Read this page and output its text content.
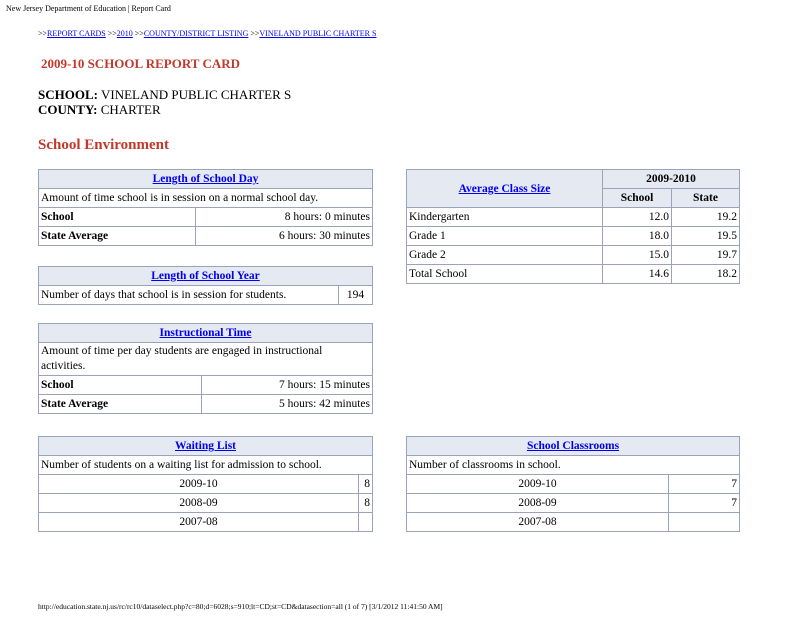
New Jersey Department of Education | Report Card
>>REPORT CARDS >>2010 >>COUNTY/DISTRICT LISTING >>VINELAND PUBLIC CHARTER S
2009-10 SCHOOL REPORT CARD
SCHOOL: VINELAND PUBLIC CHARTER S
COUNTY: CHARTER
School Environment
Length of School Day	
Amount of time school is in session on a normal school day.	
School	8 hours: 0 minutes
State Average	6 hours: 30 minutes
Length of School Year
Number of days that school is in session for students.	194
Instructional Time	
Amount of time per day students are engaged in instructional activities.	
School	7 hours: 15 minutes
State Average	5 hours: 42 minutes
Waiting List	
Number of students on a waiting list for admission to school.	
2009-10	8
2008-09	8
2007-08	
Average Class Size	2009-2010	
	School	State
Kindergarten	12.0	19.2
Grade 1	18.0	19.5
Grade 2	15.0	19.7
Total School	14.6	18.2
School Classrooms	
Number of classrooms in school.	
2009-10	7
2008-09	7
2007-08	
http://education.state.nj.us/rc/rc10/dataselect.php?c=80;d=6028;s=910;lt=CD;st=CD&datasection=all (1 of 7) [3/1/2012 11:41:50 AM]
